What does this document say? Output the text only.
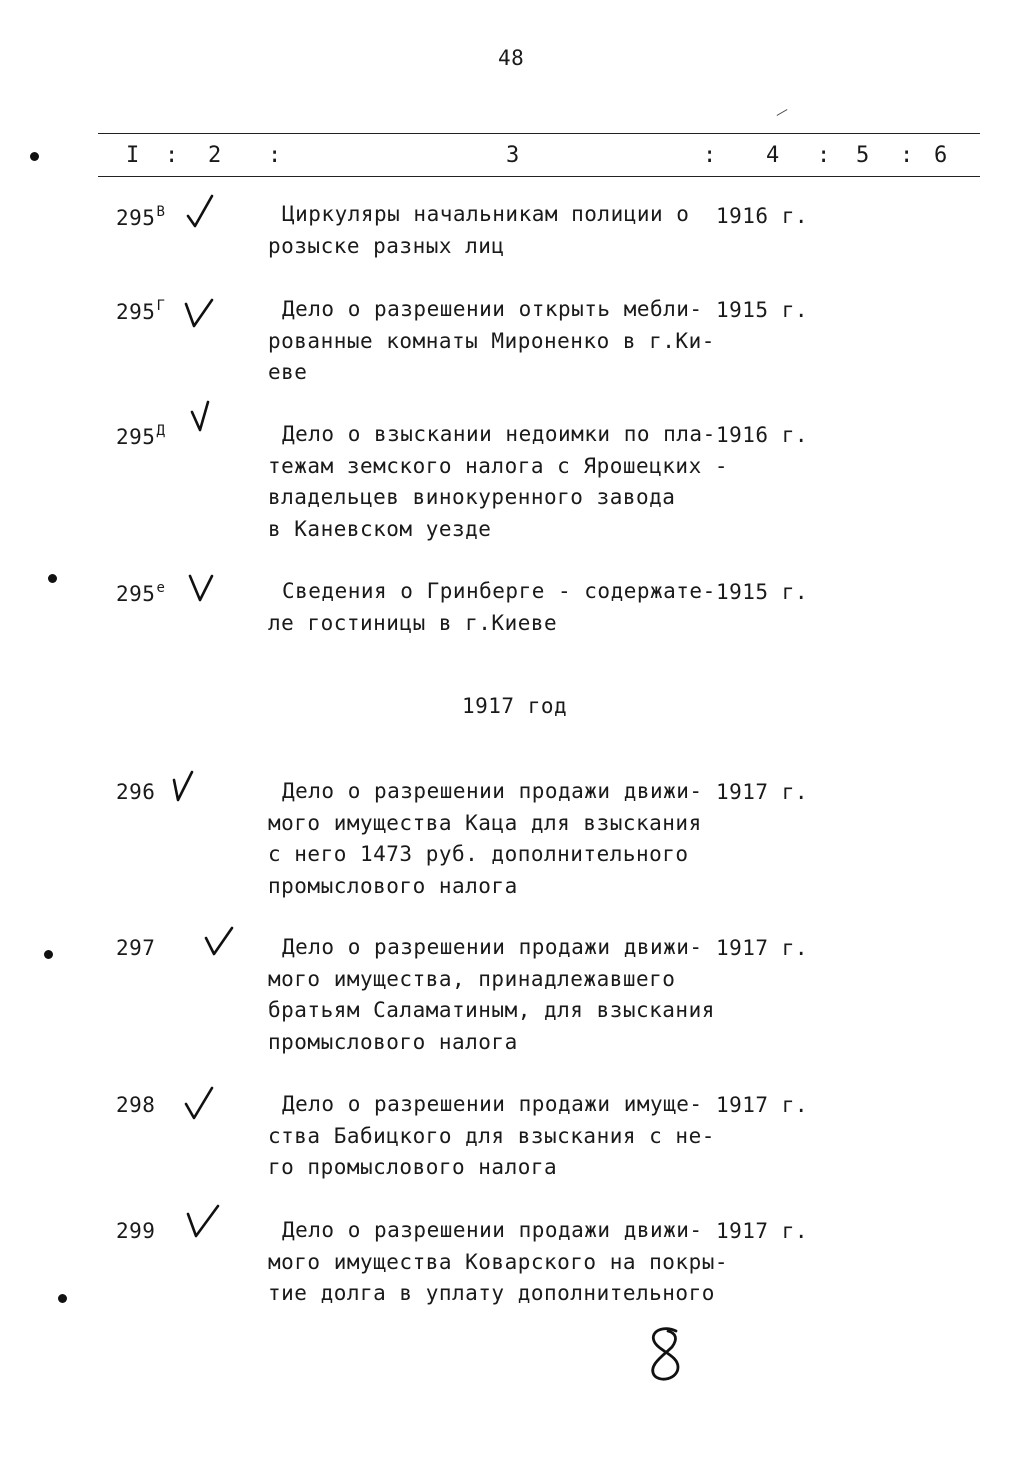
48
I : 2 :	3	: 4 : 5 : 6
$295^В$	Циркуляры начальникам полиции о
розыске разных лиц
1916 г.
$295^Г$	Дело о разрешении открыть мебли-
рованные комнаты Мироненко в г.Ки-
еве
1915 г.
$295^Д$	Дело о взыскании недоимки по пла-
тежам земского налога с Ярошецких -
владельцев винокуренного завода
в Каневском уезде
1916 г.
$295^е$	Сведения о Гринберге - содержате-
ле гостиницы в г.Киеве
1915 г.
1917 год
296	Дело о разрешении продажи движи-
мого имущества Каца для взыскания
с него 1473 руб. дополнительного
промыслового налога
1917 г.
297	Дело о разрешении продажи движи-
мого имущества, принадлежавшего
братьям Саламатиным, для взыскания
промыслового налога
1917 г.
298	Дело о разрешении продажи имуще-
ства Бабицкого для взыскания с не-
го промыслового налога
1917 г.
299	Дело о разрешении продажи движи-
мого имущества Коварского на покры-
тие долга в уплату дополнительного
1917 г.
